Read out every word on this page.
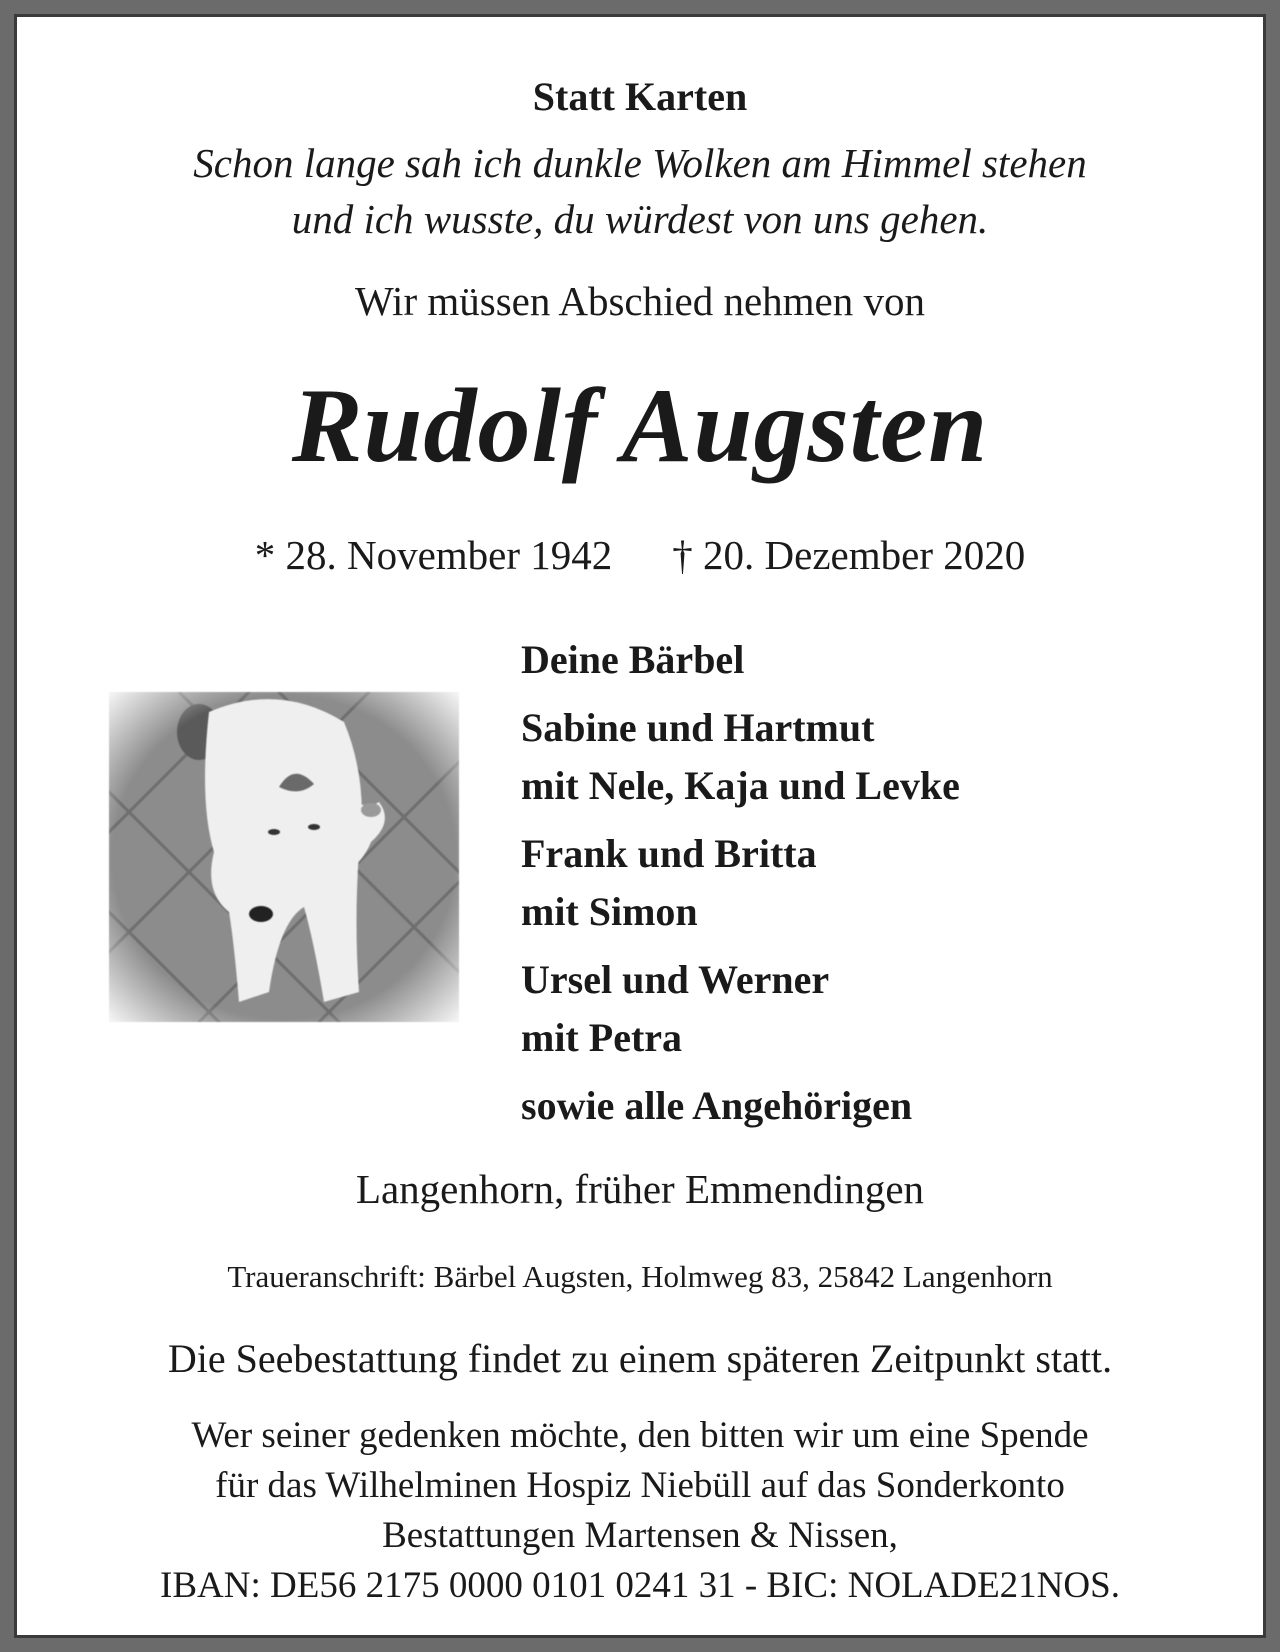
Statt Karten
Schon lange sah ich dunkle Wolken am Himmel stehen
und ich wusste, du würdest von uns gehen.
Wir müssen Abschied nehmen von
Rudolf Augsten
* 28. November 1942 † 20. Dezember 2020
Deine Bärbel
Sabine und Hartmut
mit Nele, Kaja und Levke
Frank und Britta
mit Simon
Ursel und Werner
mit Petra
sowie alle Angehörigen
Langenhorn, früher Emmendingen
Traueranschrift: Bärbel Augsten, Holmweg 83, 25842 Langenhorn
Die Seebestattung findet zu einem späteren Zeitpunkt statt.
Wer seiner gedenken möchte, den bitten wir um eine Spende
für das Wilhelminen Hospiz Niebüll auf das Sonderkonto
Bestattungen Martensen & Nissen,
IBAN: DE56 2175 0000 0101 0241 31 - BIC: NOLADE21NOS.
